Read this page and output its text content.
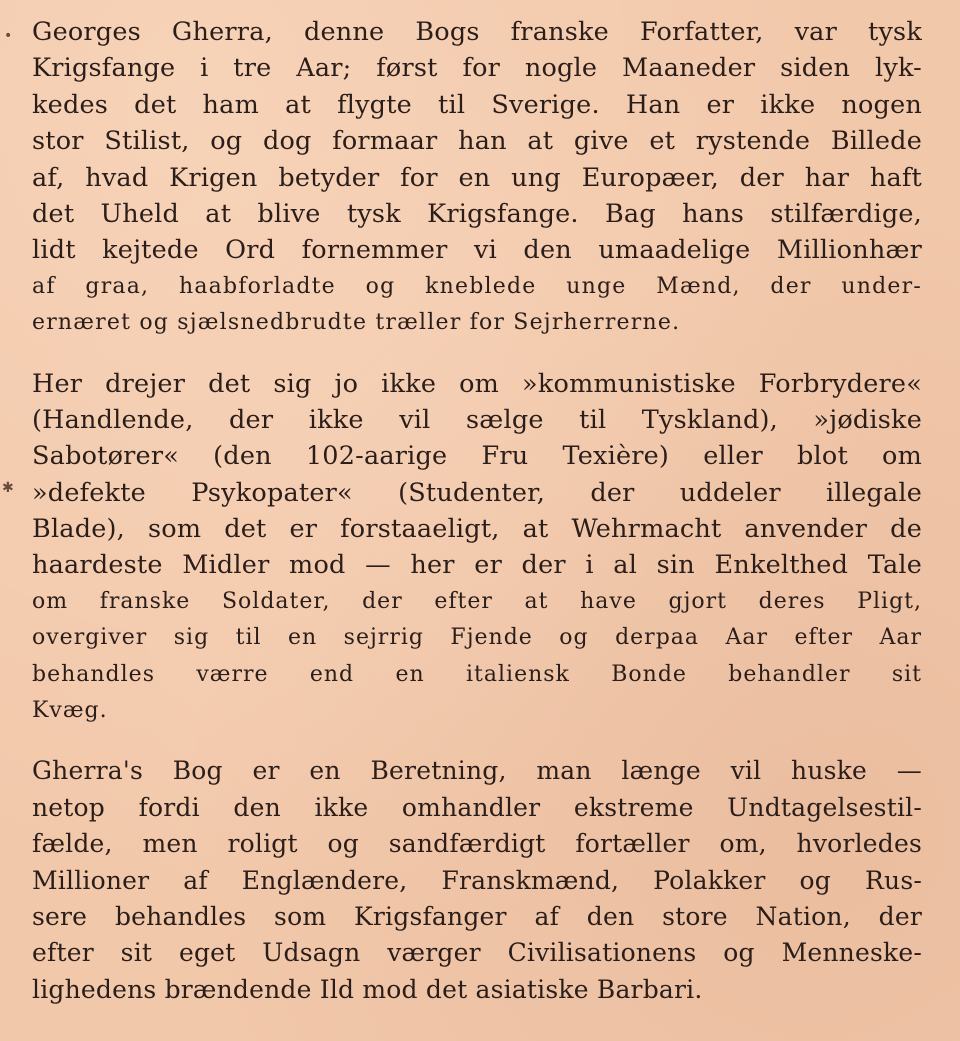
•
✱
Georges Gherra, denne Bogs franske Forfatter, var tysk
Krigsfange i tre Aar; først for nogle Maaneder siden lyk-
kedes det ham at flygte til Sverige. Han er ikke nogen
stor Stilist, og dog formaar han at give et rystende Billede
af, hvad Krigen betyder for en ung Europæer, der har haft
det Uheld at blive tysk Krigsfange. Bag hans stilfærdige,
lidt kejtede Ord fornemmer vi den umaadelige Millionhær
af graa, haabforladte og kneblede unge Mænd, der under-
ernæret og sjælsnedbrudte træller for Sejrherrerne.
Her drejer det sig jo ikke om »kommunistiske Forbrydere«
(Handlende, der ikke vil sælge til Tyskland), »jødiske
Sabotører« (den 102-aarige Fru Texière) eller blot om
»defekte Psykopater« (Studenter, der uddeler illegale
Blade), som det er forstaaeligt, at Wehrmacht anvender de
haardeste Midler mod — her er der i al sin Enkelthed Tale
om franske Soldater, der efter at have gjort deres Pligt,
overgiver sig til en sejrrig Fjende og derpaa Aar efter Aar
behandles værre end en italiensk Bonde behandler sit
Kvæg.
Gherra's Bog er en Beretning, man længe vil huske —
netop fordi den ikke omhandler ekstreme Undtagelsestil-
fælde, men roligt og sandfærdigt fortæller om, hvorledes
Millioner af Englændere, Franskmænd, Polakker og Rus-
sere behandles som Krigsfanger af den store Nation, der
efter sit eget Udsagn værger Civilisationens og Menneske-
lighedens brændende Ild mod det asiatiske Barbari.
